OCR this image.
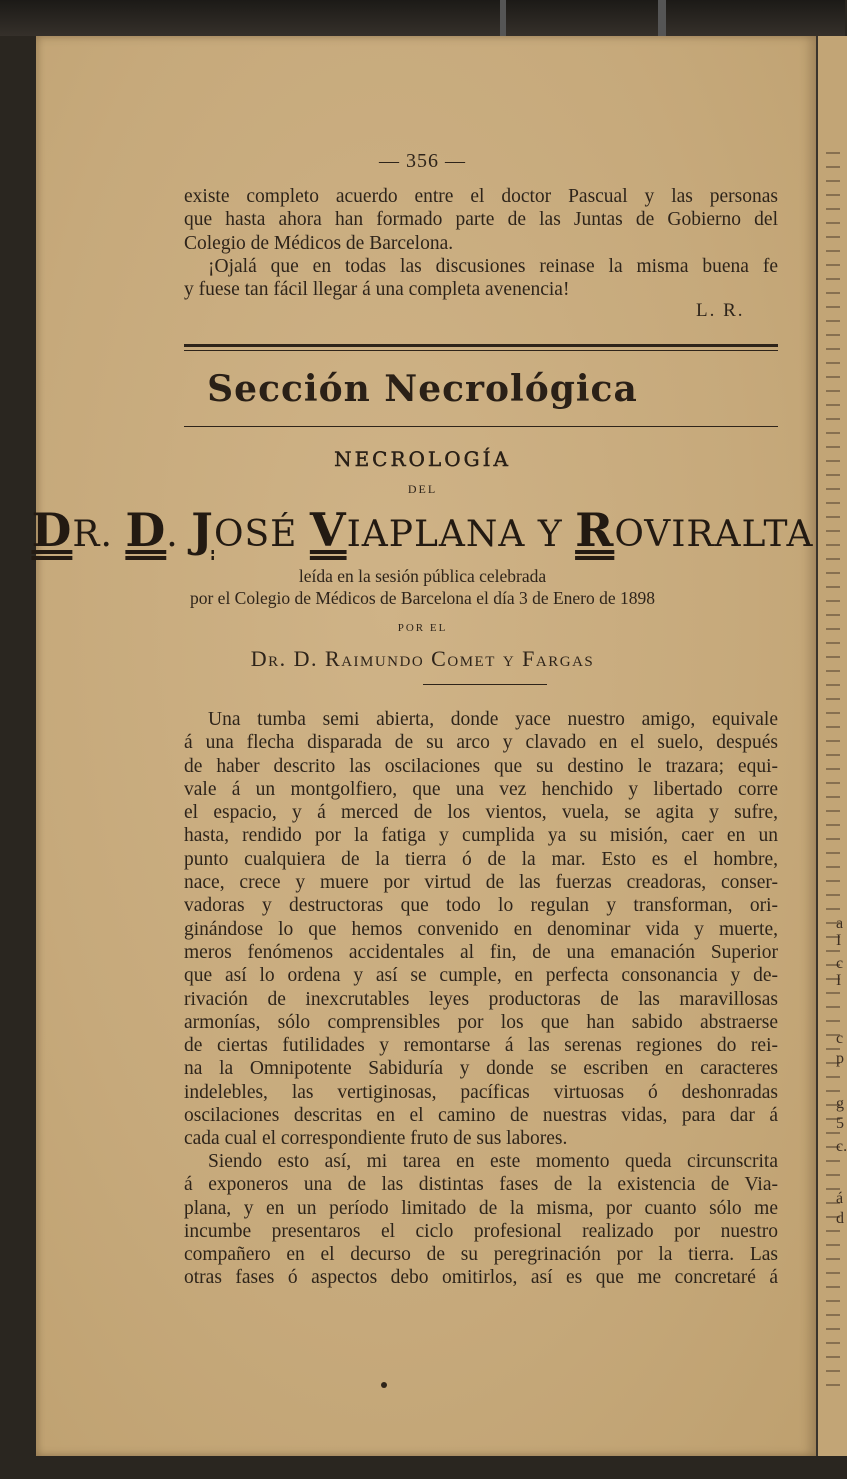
— 356 —

existe completo acuerdo entre el doctor Pascual y las personas
que hasta ahora han formado parte de las Juntas de Gobierno del
Colegio de Médicos de Barcelona.
¡Ojalá que en todas las discusiones reinase la misma buena fe
y fuese tan fácil llegar á una completa avenencia!

L. R.
Sección Necrológica
NECROLOGÍA
DEL
DR. D. JOSÉ VIAPLANA Y ROVIRALTA
leída en la sesión pública celebrada
por el Colegio de Médicos de Barcelona el día 3 de Enero de 1898
POR EL
Dr. D. Raimundo Comet y Fargas

Una tumba semi abierta, donde yace nuestro amigo, equivale
á una flecha disparada de su arco y clavado en el suelo, después
de haber descrito las oscilaciones que su destino le trazara; equi-
vale á un montgolfiero, que una vez henchido y libertado corre
el espacio, y á merced de los vientos, vuela, se agita y sufre,
hasta, rendido por la fatiga y cumplida ya su misión, caer en un
punto cualquiera de la tierra ó de la mar. Esto es el hombre,
nace, crece y muere por virtud de las fuerzas creadoras, conser-
vadoras y destructoras que todo lo regulan y transforman, ori-
ginándose lo que hemos convenido en denominar vida y muerte,
meros fenómenos accidentales al fin, de una emanación Superior
que así lo ordena y así se cumple, en perfecta consonancia y de-
rivación de inexcrutables leyes productoras de las maravillosas
armonías, sólo comprensibles por los que han sabido abstraerse
de ciertas futilidades y remontarse á las serenas regiones do rei-
na la Omnipotente Sabiduría y donde se escriben en caracteres
indelebles, las vertiginosas, pacíficas virtuosas ó deshonradas
oscilaciones descritas en el camino de nuestras vidas, para dar á
cada cual el correspondiente fruto de sus labores.

Siendo esto así, mi tarea en este momento queda circunscrita
á exponeros una de las distintas fases de la existencia de Via-
plana, y en un período limitado de la misma, por cuanto sólo me
incumbe presentaros el ciclo profesional realizado por nuestro
compañero en el decurso de su peregrinación por la tierra. Las
otras fases ó aspectos debo omitirlos, así es que me concretaré á

a
I
c
I
c
p
g
5
c.
á
d
